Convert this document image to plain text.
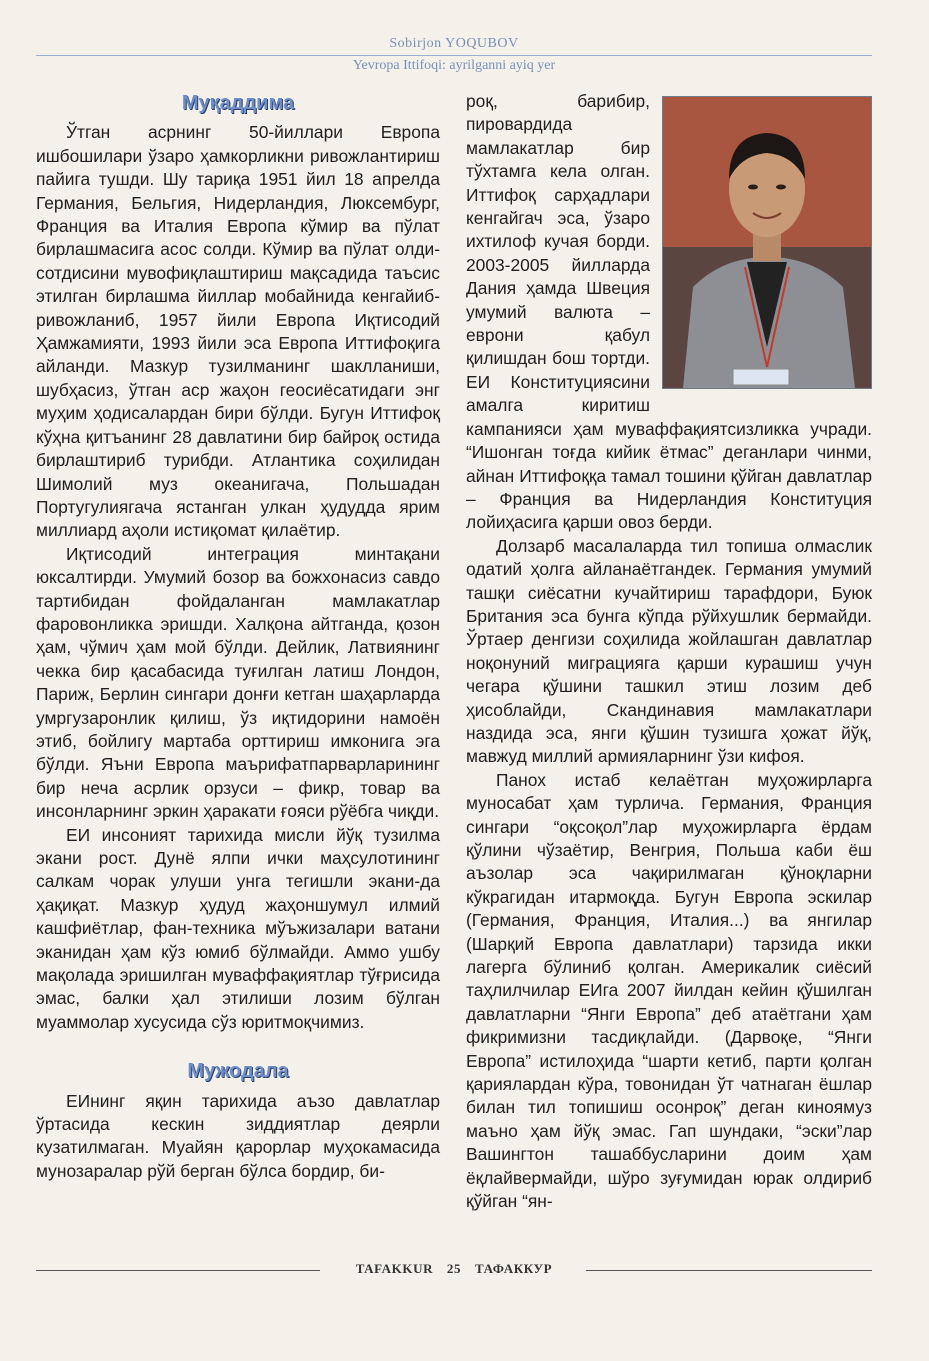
Sobirjon YOQUBOV
Yevropa Ittifoqi: ayrilganni ayiq yer
Муқаддима

Ўтган асрнинг 50-йиллари Европа ишбошилари ўзаро ҳамкорликни ривожлантириш пайига тушди. Шу тариқа 1951 йил 18 апрелда Германия, Бельгия, Нидерландия, Люксембург, Франция ва Италия Европа кўмир ва пўлат бирлашмасига асос солди. Кўмир ва пўлат олди-сотдисини мувофиқлаштириш мақсадида таъсис этилган бирлашма йиллар мобайнида кенгайиб-ривожланиб, 1957 йили Европа Иқтисодий Ҳамжамияти, 1993 йили эса Европа Иттифоқига айланди. Мазкур тузилманинг шаклланиши, шубҳасиз, ўтган аср жаҳон геосиёсатидаги энг муҳим ҳодисалардан бири бўлди. Бугун Иттифоқ кўҳна қитъанинг 28 давлатини бир байроқ остида бирлаштириб турибди. Атлантика соҳилидан Шимолий муз океанигача, Польшадан Португулиягача ястанган улкан ҳудудда ярим миллиард аҳоли истиқомат қилаётир.

Иқтисодий интеграция минтақани юксалтирди. Умумий бозор ва божхонасиз савдо тартибидан фойдаланган мамлакатлар фаровонликка эришди. Халқона айтганда, қозон ҳам, чўмич ҳам мой бўлди. Дейлик, Латвиянинг чекка бир қасабасида туғилган латиш Лондон, Париж, Берлин сингари донғи кетган шаҳарларда умргузаронлик қилиш, ўз иқтидорини намоён этиб, бойлигу мартаба орттириш имконига эга бўлди. Яъни Европа маърифатпарварларининг бир неча асрлик орзуси – фикр, товар ва инсонларнинг эркин ҳаракати ғояси рўёбга чиқди.

ЕИ инсоният тарихида мисли йўқ тузилма экани рост. Дунё ялпи ички маҳсулотининг салкам чорак улуши унга тегишли экани-да ҳақиқат. Мазкур ҳудуд жаҳоншумул илмий кашфиётлар, фан-техника мўъжизалари ватани эканидан ҳам кўз юмиб бўлмайди. Аммо ушбу мақолада эришилган муваффақиятлар тўғрисида эмас, балки ҳал этилиши лозим бўлган муаммолар хусусида сўз юритмоқчимиз.

Мужодала

ЕИнинг яқин тарихида аъзо давлатлар ўртасида кескин зиддиятлар деярли кузатилмаган. Муайян қарорлар муҳокамасида мунозаралар рўй берган бўлса бордир, би-

роқ, барибир, пировардида мамлакатлар бир тўхтамга кела олган. Иттифоқ сарҳадлари кенгайгач эса, ўзаро ихтилоф кучая борди. 2003-2005 йилларда Дания ҳамда Швеция умумий валюта – еврони қабул қилишдан бош тортди. ЕИ Конституциясини амалга киритиш кампанияси ҳам муваффақиятсизликка учради. “Ишонган тоғда кийик ётмас” деганлари чинми, айнан Иттифоққа тамал тошини қўйган давлатлар – Франция ва Нидерландия Конституция лойиҳасига қарши овоз берди.

Долзарб масалаларда тил топиша олмаслик одатий ҳолга айланаётгандек. Германия умумий ташқи сиёсатни кучайтириш тарафдори, Буюк Британия эса бунга кўпда рўйхушлик бермайди. Ўртаер денгизи соҳилида жойлашган давлатлар ноқонуний миграцияга қарши курашиш учун чегара қўшини ташкил этиш лозим деб ҳисоблайди, Скандинавия мамлакатлари наздида эса, янги қўшин тузишга ҳожат йўқ, мавжуд миллий армияларнинг ўзи кифоя.

Панох истаб келаётган муҳожирларга муносабат ҳам турлича. Германия, Франция сингари “оқсоқол”лар муҳожирларга ёрдам қўлини чўзаётир, Венгрия, Польша каби ёш аъзолар эса чақирилмаган қўноқларни кўкрагидан итармоқда. Бугун Европа эскилар (Германия, Франция, Италия...) ва янгилар (Шарқий Европа давлатлари) тарзида икки лагерга бўлиниб қолган. Америкалик сиёсий таҳлилчилар ЕИга 2007 йилдан кейин қўшилган давлатларни “Янги Европа” деб атаётгани ҳам фикримизни тасдиқлайди. (Дарвоқе, “Янги Европа” истилоҳида “шарти кетиб, парти қолган қариялардан кўра, товонидан ўт чатнаган ёшлар билан тил топишиш осонроқ” деган киноямуз маъно ҳам йўқ эмас. Гап шундаки, “эски”лар Вашингтон ташаббусларини доим ҳам ёқлайвермайди, шўро зуғумидан юрак олдириб қўйган “ян-

TAFAKKUR 25 ТАФАККУР
